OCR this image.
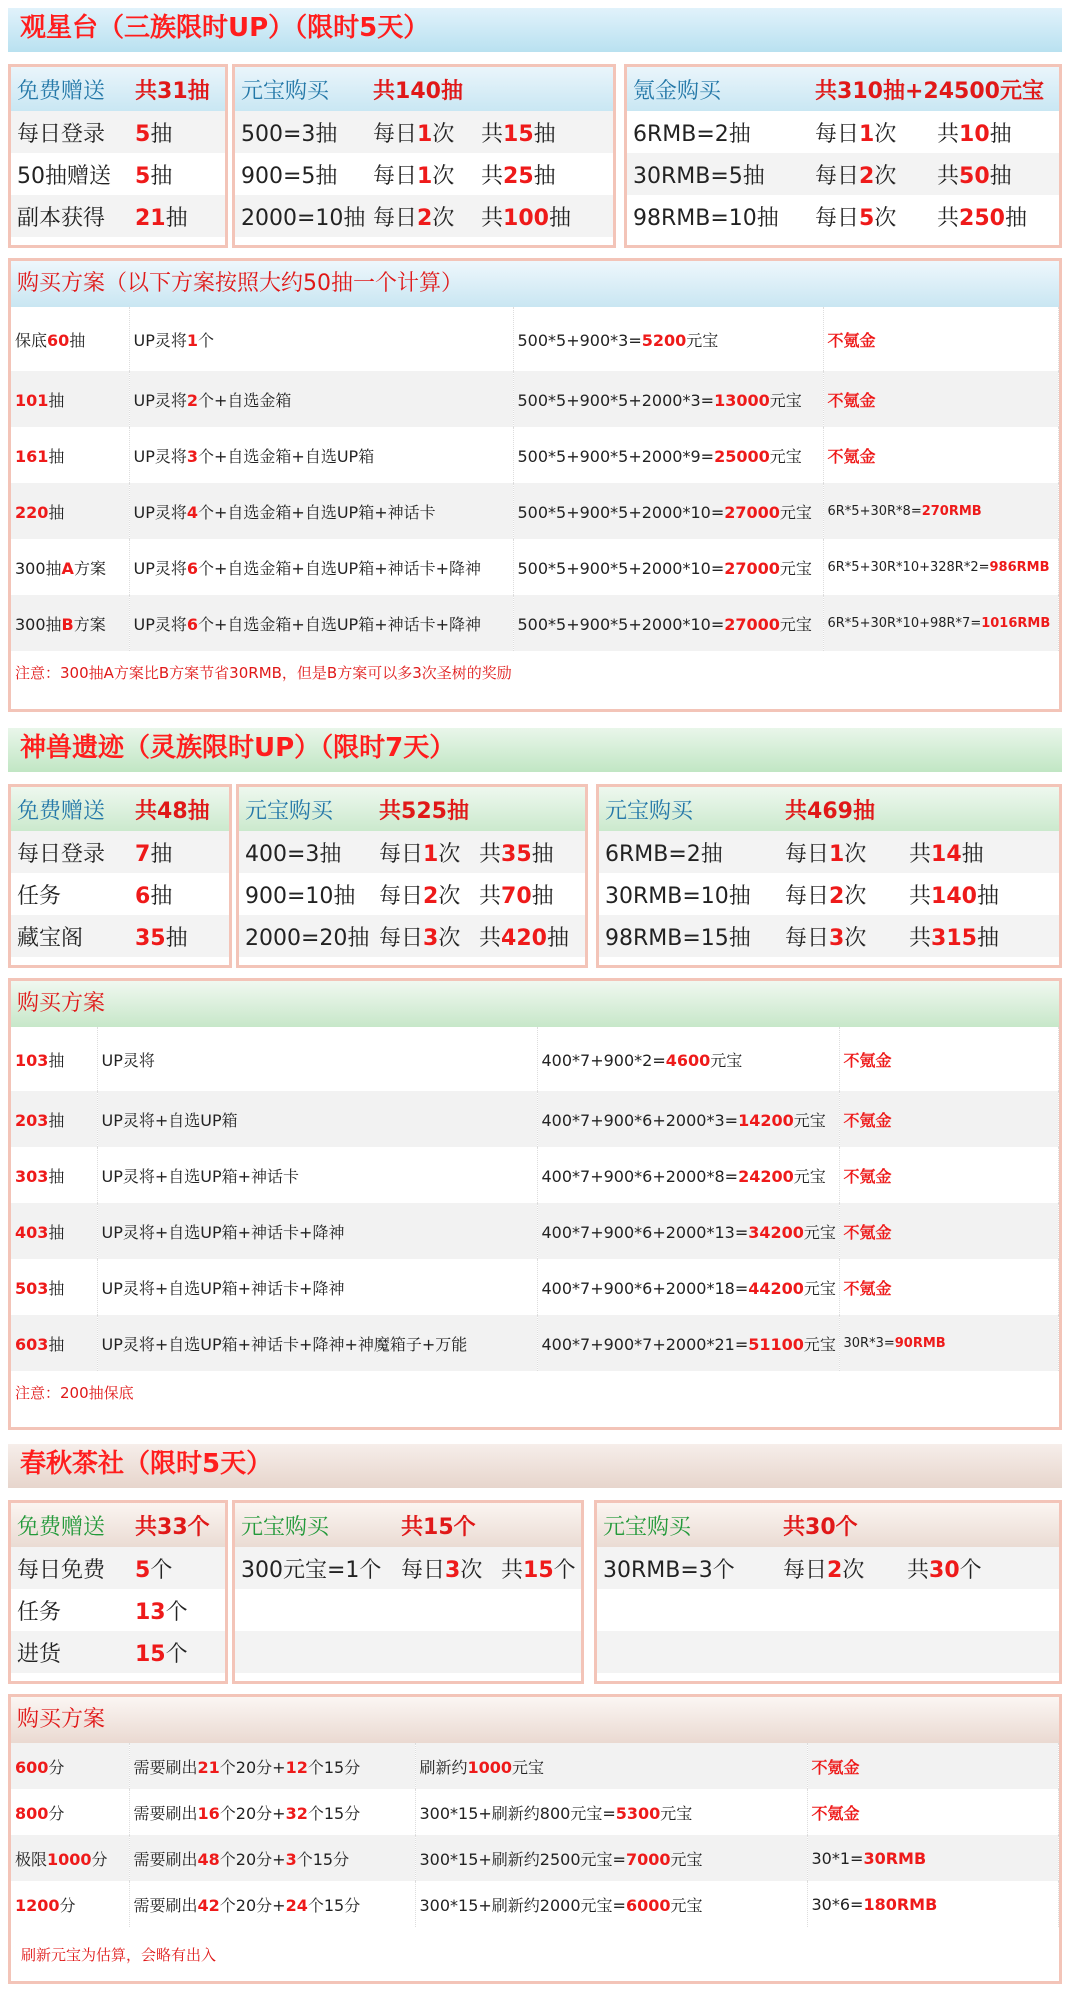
观星台（三族限时UP）（限时5天）
免费赠送	共31抽
每日登录	5抽
50抽赠送	5抽
副本获得	21抽
元宝购买	共140抽	
500=3抽	每日1次	共15抽
900=5抽	每日1次	共25抽
2000=10抽	每日2次	共100抽
氪金购买	共310抽+24500元宝	
6RMB=2抽	每日1次	共10抽
30RMB=5抽	每日2次	共50抽
98RMB=10抽	每日5次	共250抽
购买方案（以下方案按照大约50抽一个计算）
保底60抽	UP灵将1个	500*5+900*3=5200元宝	不氪金
101抽	UP灵将2个+自选金箱	500*5+900*5+2000*3=13000元宝	不氪金
161抽	UP灵将3个+自选金箱+自选UP箱	500*5+900*5+2000*9=25000元宝	不氪金
220抽	UP灵将4个+自选金箱+自选UP箱+神话卡	500*5+900*5+2000*10=27000元宝	6R*5+30R*8=270RMB
300抽A方案	UP灵将6个+自选金箱+自选UP箱+神话卡+降神	500*5+900*5+2000*10=27000元宝	6R*5+30R*10+328R*2=986RMB
300抽B方案	UP灵将6个+自选金箱+自选UP箱+神话卡+降神	500*5+900*5+2000*10=27000元宝	6R*5+30R*10+98R*7=1016RMB
注意：300抽A方案比B方案节省30RMB，但是B方案可以多3次圣树的奖励
神兽遗迹（灵族限时UP）（限时7天）
免费赠送	共48抽
每日登录	7抽
任务	6抽
藏宝阁	35抽
元宝购买	共525抽	
400=3抽	每日1次	共35抽
900=10抽	每日2次	共70抽
2000=20抽	每日3次	共420抽
元宝购买	共469抽	
6RMB=2抽	每日1次	共14抽
30RMB=10抽	每日2次	共140抽
98RMB=15抽	每日3次	共315抽
购买方案
103抽	UP灵将	400*7+900*2=4600元宝	不氪金
203抽	UP灵将+自选UP箱	400*7+900*6+2000*3=14200元宝	不氪金
303抽	UP灵将+自选UP箱+神话卡	400*7+900*6+2000*8=24200元宝	不氪金
403抽	UP灵将+自选UP箱+神话卡+降神	400*7+900*6+2000*13=34200元宝	不氪金
503抽	UP灵将+自选UP箱+神话卡+降神	400*7+900*6+2000*18=44200元宝	不氪金
603抽	UP灵将+自选UP箱+神话卡+降神+神魔箱子+万能	400*7+900*7+2000*21=51100元宝	30R*3=90RMB
注意：200抽保底
春秋茶社（限时5天）
免费赠送	共33个
每日免费	5个
任务	13个
进货	15个
元宝购买	共15个	
300元宝=1个	每日3次	共15个

元宝购买	共30个	
30RMB=3个	每日2次	共30个

购买方案
600分	需要刷出21个20分+12个15分	刷新约1000元宝	不氪金
800分	需要刷出16个20分+32个15分	300*15+刷新约800元宝=5300元宝	不氪金
极限1000分	需要刷出48个20分+3个15分	300*15+刷新约2500元宝=7000元宝	30*1=30RMB
1200分	需要刷出42个20分+24个15分	300*15+刷新约2000元宝=6000元宝	30*6=180RMB
刷新元宝为估算，会略有出入
